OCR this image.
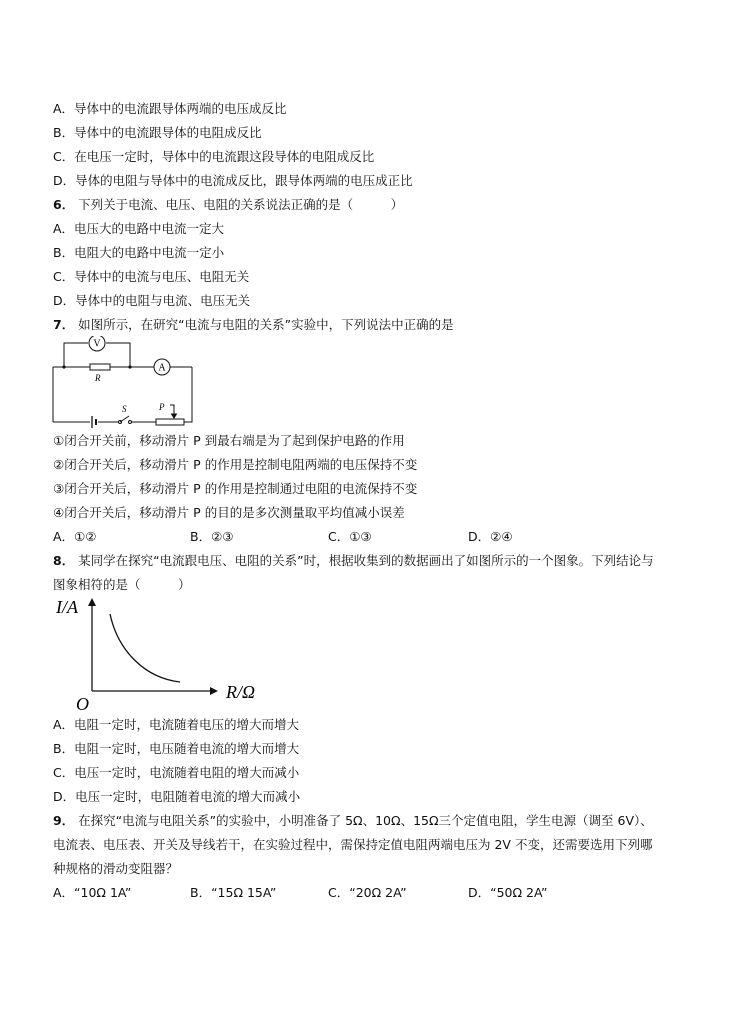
A．导体中的电流跟导体两端的电压成反比
B．导体中的电流跟导体的电阻成反比
C．在电压一定时，导体中的电流跟这段导体的电阻成反比
D．导体的电阻与导体中的电流成反比，跟导体两端的电压成正比
6． 下列关于电流、电压、电阻的关系说法正确的是（　　　）
A．电压大的电路中电流一定大
B．电阻大的电路中电流一定小
C．导体中的电流与电压、电阻无关
D．导体中的电阻与电流、电压无关
7． 如图所示，在研究“电流与电阻的关系”实验中，下列说法中正确的是
V
R
A
S	P
①闭合开关前，移动滑片 P 到最右端是为了起到保护电路的作用
②闭合开关后，移动滑片 P 的作用是控制电阻两端的电压保持不变
③闭合开关后，移动滑片 P 的作用是控制通过电阻的电流保持不变
④闭合开关后，移动滑片 P 的目的是多次测量取平均值减小误差
A．①②	B．②③	C．①③	D．②④
8． 某同学在探究“电流跟电压、电阻的关系”时，根据收集到的数据画出了如图所示的一个图象。下列结论与
图象相符的是（　　　）
I/A
R/Ω
O
A．电阻一定时，电流随着电压的增大而增大
B．电阻一定时，电压随着电流的增大而增大
C．电压一定时，电流随着电阻的增大而减小
D．电压一定时，电阻随着电流的增大而减小
9． 在探究“电流与电阻关系”的实验中，小明准备了 5Ω、10Ω、15Ω三个定值电阻，学生电源（调至 6V）、
电流表、电压表、开关及导线若干，在实验过程中，需保持定值电阻两端电压为 2V 不变，还需要选用下列哪
种规格的滑动变阻器？
A．“10Ω 1A”	B．“15Ω 15A”	C．“20Ω 2A”	D．“50Ω 2A”
